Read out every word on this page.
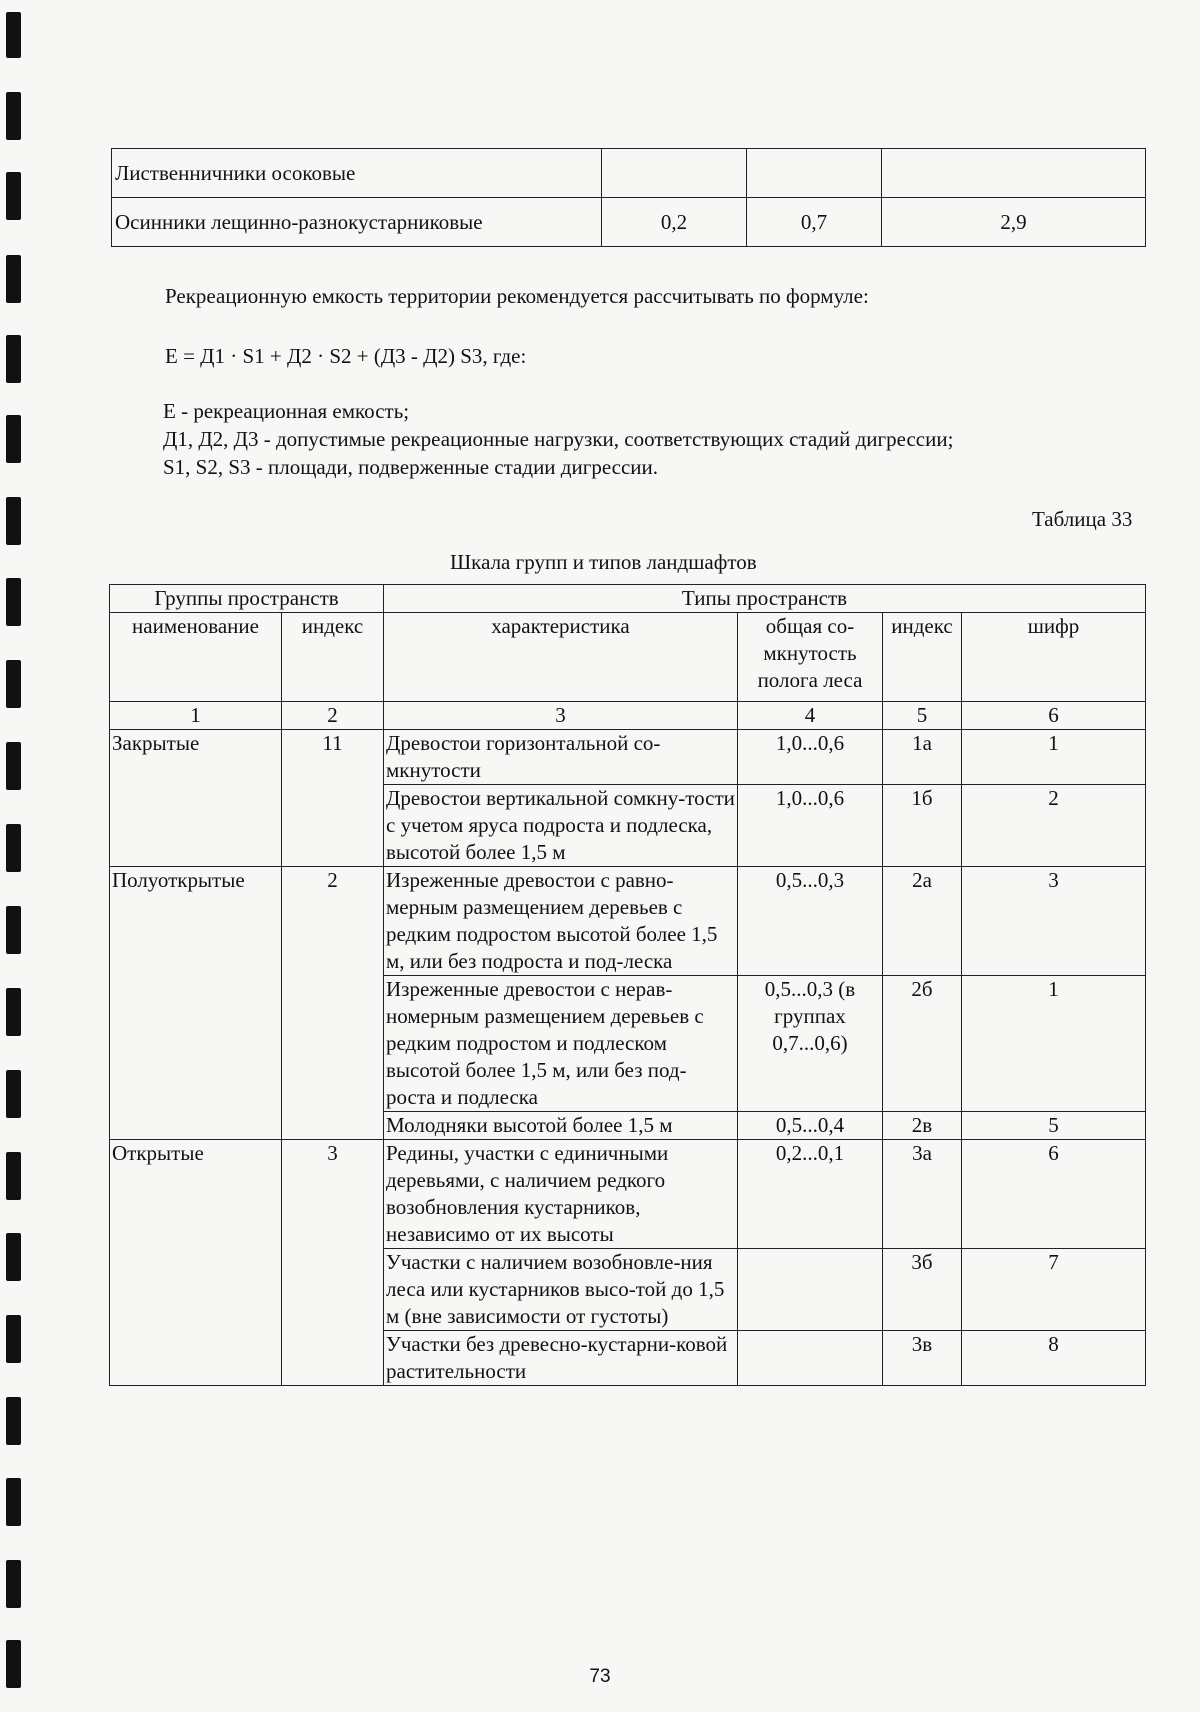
Лиственничники осоковые			
Осинники лещинно-разнокустарниковые	0,2	0,7	2,9
Рекреационную емкость территории рекомендуется рассчитывать по формуле:
Е = Д1 · S1 + Д2 · S2 + (Д3 - Д2) S3, где:
Е - рекреационная емкость;
Д1, Д2, Д3 - допустимые рекреационные нагрузки, соответствующих стадий дигрессии;
S1, S2, S3 - площади, подверженные стадии дигрессии.
Таблица 33
Шкала групп и типов ландшафтов
Группы пространств		Типы пространств			
наименование	индекс	характеристика	общая со-мкнутость полога леса	индекс	шифр
1	2	3	4	5	6
Закрытые	11	Древостои горизонтальной со-мкнутости	1,0...0,6	1а	1
		Древостои вертикальной сомкну-тости с учетом яруса подроста и подлеска, высотой более 1,5 м	1,0...0,6	1б	2
Полуоткрытые	2	Изреженные древостои с равно-мерным размещением деревьев с редким подростом высотой более 1,5 м, или без подроста и под-леска	0,5...0,3	2а	3
		Изреженные древостои с нерав-номерным размещением деревьев с редким подростом и подлеском высотой более 1,5 м, или без под-роста и подлеска	0,5...0,3 (в группах 0,7...0,6)	2б	1
		Молодняки высотой более 1,5 м	0,5...0,4	2в	5
Открытые	3	Редины, участки с единичными деревьями, с наличием редкого возобновления кустарников, независимо от их высоты	0,2...0,1	3а	6
		Участки с наличием возобновле-ния леса или кустарников высо-той до 1,5 м (вне зависимости от густоты)		3б	7
		Участки без древесно-кустарни-ковой растительности		3в	8
73
